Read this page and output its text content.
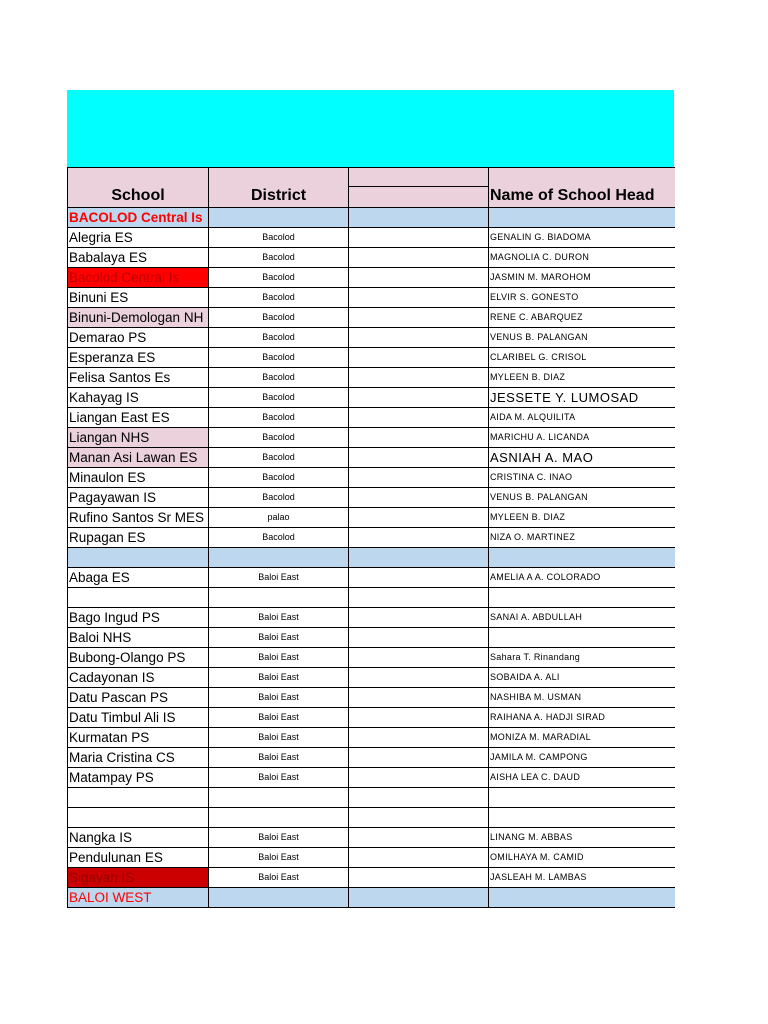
School	District		Name of School Head
BACOLOD Central Is			
Alegria ES	Bacolod		GENALIN G. BIADOMA
Babalaya ES	Bacolod		MAGNOLIA C. DURON
Bacolod Central Is	Bacolod		JASMIN M. MAROHOM
Binuni ES	Bacolod		ELVIR S. GONESTO
Binuni-Demologan NH	Bacolod		RENE C. ABARQUEZ
Demarao PS	Bacolod		VENUS B. PALANGAN
Esperanza ES	Bacolod		CLARIBEL G. CRISOL
Felisa Santos Es	Bacolod		MYLEEN B. DIAZ
Kahayag IS	Bacolod		JESSETE Y. LUMOSAD
Liangan East ES	Bacolod		AIDA M. ALQUILITA
Liangan NHS	Bacolod		MARICHU A. LICANDA
Manan Asi Lawan ES	Bacolod		ASNIAH A. MAO
Minaulon ES	Bacolod		CRISTINA C. INAO
Pagayawan IS	Bacolod		VENUS B. PALANGAN
Rufino Santos Sr MES	palao		MYLEEN B. DIAZ
Rupagan ES	Bacolod		NIZA O. MARTINEZ

Abaga ES	Baloi East		AMELIA A A. COLORADO

Bago Ingud PS	Baloi East		SANAI A. ABDULLAH
Baloi NHS	Baloi East		
Bubong-Olango PS	Baloi East		Sahara T. Rinandang
Cadayonan IS	Baloi East		SOBAIDA A. ALI
Datu Pascan PS	Baloi East		NASHIBA M. USMAN
Datu Timbul Ali IS	Baloi East		RAIHANA A. HADJI SIRAD
Kurmatan PS	Baloi East		MONIZA M. MARADIAL
Maria Cristina CS	Baloi East		JAMILA M. CAMPONG
Matampay PS	Baloi East		AISHA LEA C. DAUD

Nangka IS	Baloi East		LINANG M. ABBAS
Pendulunan ES	Baloi East		OMILHAYA M. CAMID
Sigayan IS	Baloi East		JASLEAH M. LAMBAS
BALOI WEST			
